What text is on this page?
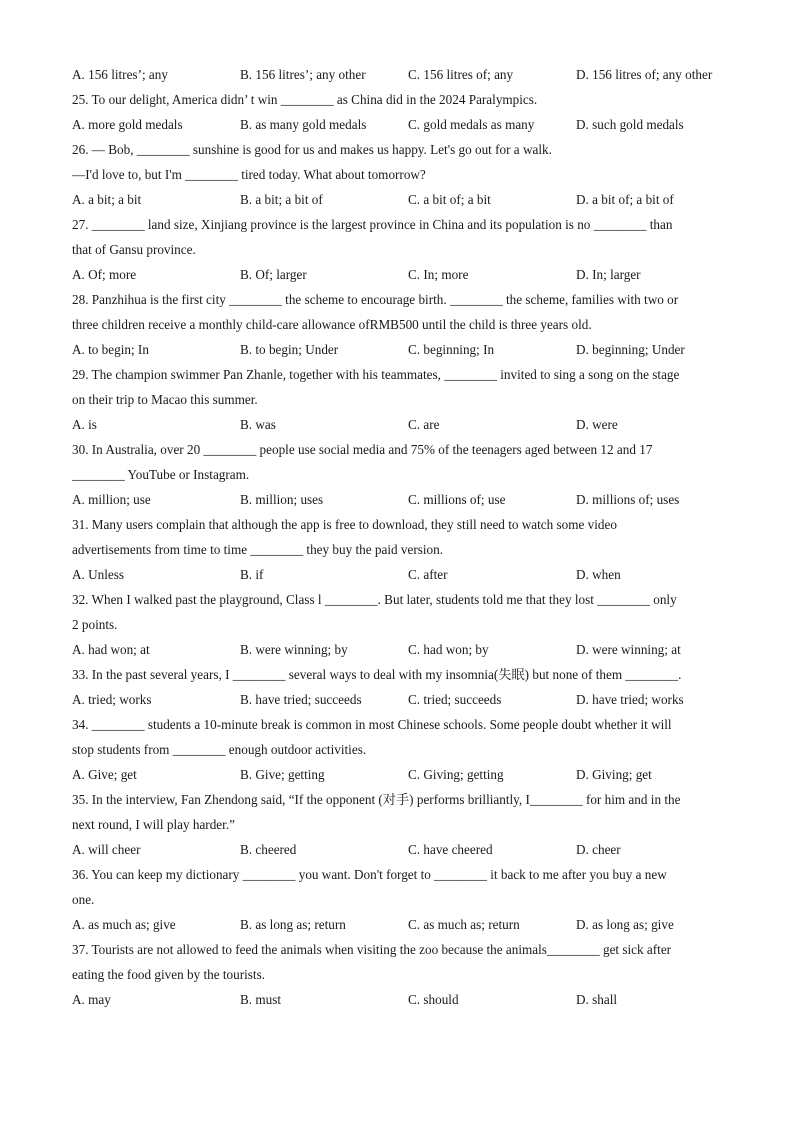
A. 156 litres’; any	B. 156 litres’; any other	C. 156 litres of; any	D. 156 litres of; any other
25. To our delight, America didn’ t win ________ as China did in the 2024 Paralympics.
A. more gold medals	B. as many gold medals	C. gold medals as many	D. such gold medals
26. — Bob, ________ sunshine is good for us and makes us happy. Let's go out for a walk.
—I'd love to, but I'm ________ tired today. What about tomorrow?
A. a bit; a bit	B. a bit; a bit of	C. a bit of; a bit	D. a bit of; a bit of
27. ________ land size, Xinjiang province is the largest province in China and its population is no ________ than
that of Gansu province.
A. Of; more	B. Of; larger	C. In; more	D. In; larger
28. Panzhihua is the first city ________ the scheme to encourage birth. ________ the scheme, families with two or
three children receive a monthly child-care allowance ofRMB500 until the child is three years old.
A. to begin; In	B. to begin; Under	C. beginning; In	D. beginning; Under
29. The champion swimmer Pan Zhanle, together with his teammates, ________ invited to sing a song on the stage
on their trip to Macao this summer.
A. is	B. was	C. are	D. were
30. In Australia, over 20 ________ people use social media and 75% of the teenagers aged between 12 and 17
________ YouTube or Instagram.
A. million; use	B. million; uses	C. millions of; use	D. millions of; uses
31. Many users complain that although the app is free to download, they still need to watch some video
advertisements from time to time ________ they buy the paid version.
A. Unless	B. if	C. after	D. when
32. When I walked past the playground, Class l ________. But later, students told me that they lost ________ only
2 points.
A. had won; at	B. were winning; by	C. had won; by	D. were winning; at
33. In the past several years, I ________ several ways to deal with my insomnia(失眠) but none of them ________.
A. tried; works	B. have tried; succeeds	C. tried; succeeds	D. have tried; works
34. ________ students a 10-minute break is common in most Chinese schools. Some people doubt whether it will
stop students from ________ enough outdoor activities.
A. Give; get	B. Give; getting	C. Giving; getting	D. Giving; get
35. In the interview, Fan Zhendong said, “If the opponent (对手) performs brilliantly, I________ for him and in the
next round, I will play harder.”
A. will cheer	B. cheered	C. have cheered	D. cheer
36. You can keep my dictionary ________ you want. Don't forget to ________ it back to me after you buy a new
one.
A. as much as; give	B. as long as; return	C. as much as; return	D. as long as; give
37. Tourists are not allowed to feed the animals when visiting the zoo because the animals________ get sick after
eating the food given by the tourists.
A. may	B. must	C. should	D. shall
